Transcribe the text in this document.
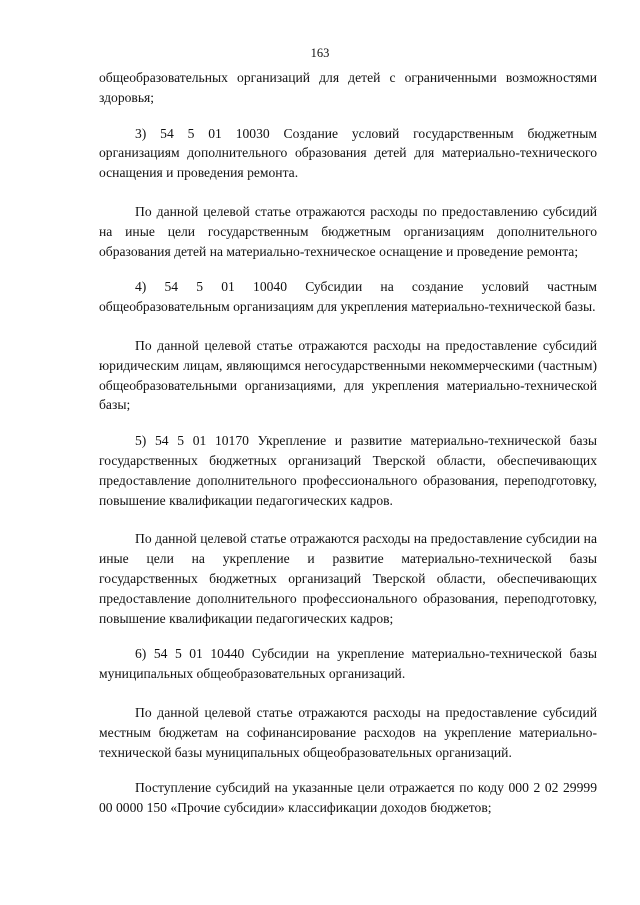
163

общеобразовательных организаций для детей с ограниченными возможностями здоровья;

3) 54 5 01 10030 Создание условий государственным бюджетным организациям дополнительного образования детей для материально-технического оснащения и проведения ремонта.

По данной целевой статье отражаются расходы по предоставлению субсидий на иные цели государственным бюджетным организациям дополнительного образования детей на материально-техническое оснащение и проведение ремонта;

4) 54 5 01 10040 Субсидии на создание условий частным общеобразовательным организациям для укрепления материально-технической базы.

По данной целевой статье отражаются расходы на предоставление субсидий юридическим лицам, являющимся негосударственными некоммерческими (частным) общеобразовательными организациями, для укрепления материально-технической базы;

5) 54 5 01 10170 Укрепление и развитие материально-технической базы государственных бюджетных организаций Тверской области, обеспечивающих предоставление дополнительного профессионального образования, переподготовку, повышение квалификации педагогических кадров.

По данной целевой статье отражаются расходы на предоставление субсидии на иные цели на укрепление и развитие материально-технической базы государственных бюджетных организаций Тверской области, обеспечивающих предоставление дополнительного профессионального образования, переподготовку, повышение квалификации педагогических кадров;

6) 54 5 01 10440 Субсидии на укрепление материально-технической базы муниципальных общеобразовательных организаций.

По данной целевой статье отражаются расходы на предоставление субсидий местным бюджетам на софинансирование расходов на укрепление материально-технической базы муниципальных общеобразовательных организаций.

Поступление субсидий на указанные цели отражается по коду 000 2 02 29999 00 0000 150 «Прочие субсидии» классификации доходов бюджетов;
